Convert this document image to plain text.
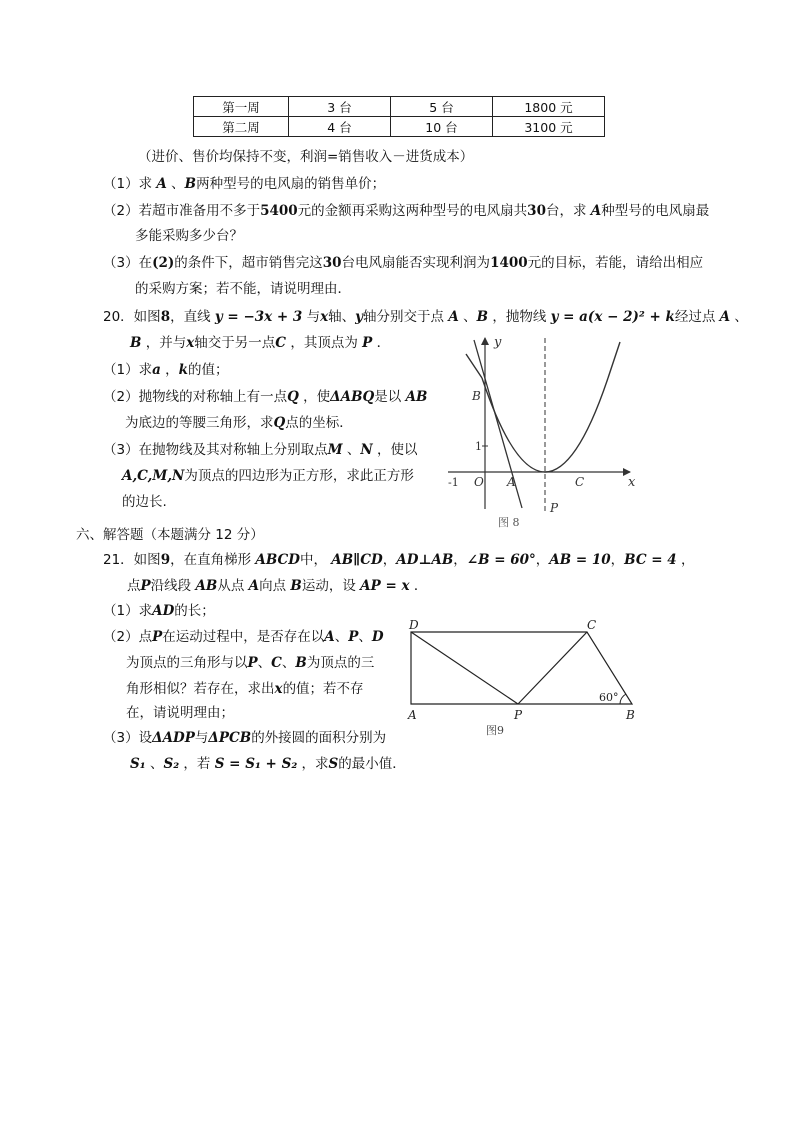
第一周	3 台	5 台	1800 元
第二周	4 台	10 台	3100 元
（进价、售价均保持不变，利润=销售收入－进货成本）
（1）求 A 、B两种型号的电风扇的销售单价；
（2）若超市准备用不多于5400元的金额再采购这两种型号的电风扇共30台，求 A种型号的电风扇最
多能采购多少台？
（3）在(2)的条件下，超市销售完这30台电风扇能否实现利润为1400元的目标，若能，请给出相应
的采购方案；若不能，请说明理由．
20．如图8，直线 y = −3x + 3 与x轴、y轴分别交于点 A 、B ，抛物线 y = a(x − 2)² + k经过点 A 、
B ，并与x轴交于另一点C ，其顶点为 P ．
（1）求a ，k的值；
（2）抛物线的对称轴上有一点Q ，使ΔABQ是以 AB
为底边的等腰三角形，求Q点的坐标．
（3）在抛物线及其对称轴上分别取点M 、N ，使以
A,C,M,N为顶点的四边形为正方形，求此正方形
的边长.
y
x
B
1
-1 O A	C
P
图 8
六、解答题（本题满分 12 分）
21．如图9，在直角梯形 ABCD中， AB∥CD，AD⊥AB，∠B = 60°，AB = 10，BC = 4 ，
点P沿线段 AB从点 A向点 B运动，设 AP = x ．
（1）求AD的长；
（2）点P在运动过程中，是否存在以A、P、D
为顶点的三角形与以P、C、B为顶点的三
角形相似？若存在，求出x的值；若不存
在，请说明理由；
（3）设ΔADP与ΔPCB的外接圆的面积分别为
S₁ 、S₂ ，若 S = S₁ + S₂ ，求S的最小值．
D	C
A	P	B
60°
图9
